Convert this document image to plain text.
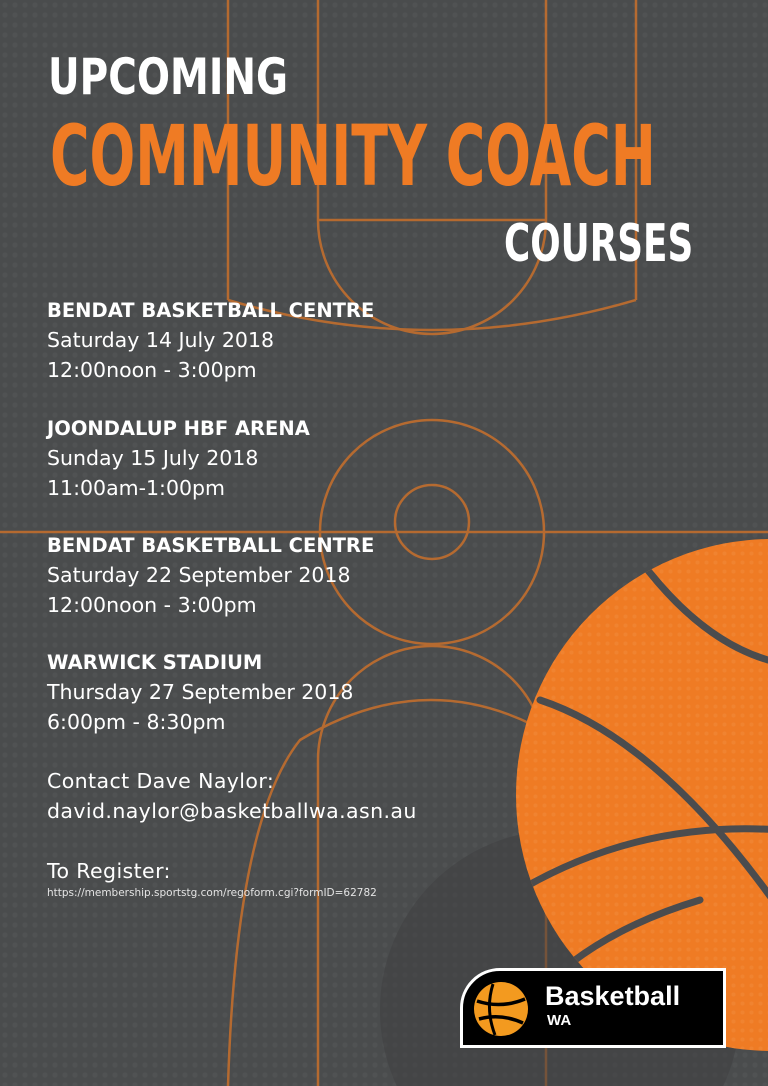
UPCOMING
COMMUNITY COACH
COURSES
BENDAT BASKETBALL CENTRE
Saturday 14 July 2018
12:00noon - 3:00pm
JOONDALUP HBF ARENA
Sunday 15 July 2018
11:00am-1:00pm
BENDAT BASKETBALL CENTRE
Saturday 22 September 2018
12:00noon - 3:00pm
WARWICK STADIUM
Thursday 27 September 2018
6:00pm - 8:30pm
Contact Dave Naylor:
david.naylor@basketballwa.asn.au
To Register:
https://membership.sportstg.com/regoform.cgi?formID=62782
Basketball
WA
